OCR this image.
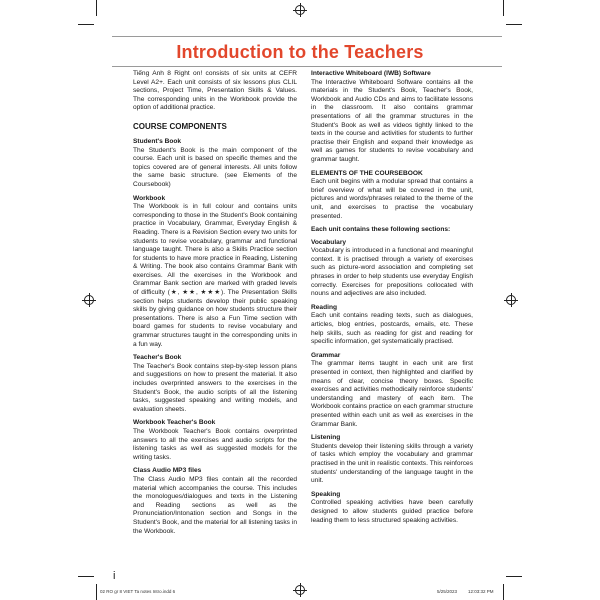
Introduction to the Teachers

Tiếng Anh 8 Right on! consists of six units at CEFR Level A2+. Each unit consists of six lessons plus CLIL sections, Project Time, Presentation Skills & Values. The corresponding units in the Workbook provide the option of additional practice.

COURSE COMPONENTS
Student's Book

The Student's Book is the main component of the course. Each unit is based on specific themes and the topics covered are of general interests. All units follow the same basic structure. (see Elements of the Coursebook)

Workbook

The Workbook is in full colour and contains units corresponding to those in the Student's Book containing practice in Vocabulary, Grammar, Everyday English & Reading. There is a Revision Section every two units for students to revise vocabulary, grammar and functional language taught. There is also a Skills Practice section for students to have more practice in Reading, Listening & Writing. The book also contains Grammar Bank with exercises. All the exercises in the Workbook and Grammar Bank section are marked with graded levels of difficulty (★, ★★, ★★★). The Presentation Skills section helps students develop their public speaking skills by giving guidance on how students structure their presentations. There is also a Fun Time section with board games for students to revise vocabulary and grammar structures taught in the corresponding units in a fun way.

Teacher's Book

The Teacher's Book contains step-by-step lesson plans and suggestions on how to present the material. It also includes overprinted answers to the exercises in the Student's Book, the audio scripts of all the listening tasks, suggested speaking and writing models, and evaluation sheets.

Workbook Teacher's Book

The Workbook Teacher's Book contains overprinted answers to all the exercises and audio scripts for the listening tasks as well as suggested models for the writing tasks.

Class Audio MP3 files

The Class Audio MP3 files contain all the recorded material which accompanies the course. This includes the monologues/dialogues and texts in the Listening and Reading sections as well as the Pronunciation/Intonation section and Songs in the Student's Book, and the material for all listening tasks in the Workbook.

Interactive Whiteboard (IWB) Software

The Interactive Whiteboard Software contains all the materials in the Student's Book, Teacher's Book, Workbook and Audio CDs and aims to facilitate lessons in the classroom. It also contains grammar presentations of all the grammar structures in the Student's Book as well as videos tightly linked to the texts in the course and activities for students to further practise their English and expand their knowledge as well as games for students to revise vocabulary and grammar taught.

ELEMENTS OF THE COURSEBOOK

Each unit begins with a modular spread that contains a brief overview of what will be covered in the unit, pictures and words/phrases related to the theme of the unit, and exercises to practise the vocabulary presented.

Each unit contains these following sections:
Vocabulary

Vocabulary is introduced in a functional and meaningful context. It is practised through a variety of exercises such as picture-word association and completing set phrases in order to help students use everyday English correctly. Exercises for prepositions collocated with nouns and adjectives are also included.

Reading

Each unit contains reading texts, such as dialogues, articles, blog entries, postcards, emails, etc. These help skills, such as reading for gist and reading for specific information, get systematically practised.

Grammar

The grammar items taught in each unit are first presented in context, then highlighted and clarified by means of clear, concise theory boxes. Specific exercises and activities methodically reinforce students' understanding and mastery of each item. The Workbook contains practice on each grammar structure presented within each unit as well as exercises in the Grammar Bank.

Listening

Students develop their listening skills through a variety of tasks which employ the vocabulary and grammar practised in the unit in realistic contexts. This reinforces students' understanding of the language taught in the unit.

Speaking

Controlled speaking activities have been carefully designed to allow students guided practice before leading them to less structured speaking activities.

i
02 RO gr 8 VIET Ta notes Intro.indd 6	5/25/2023 12:03:32 PM
